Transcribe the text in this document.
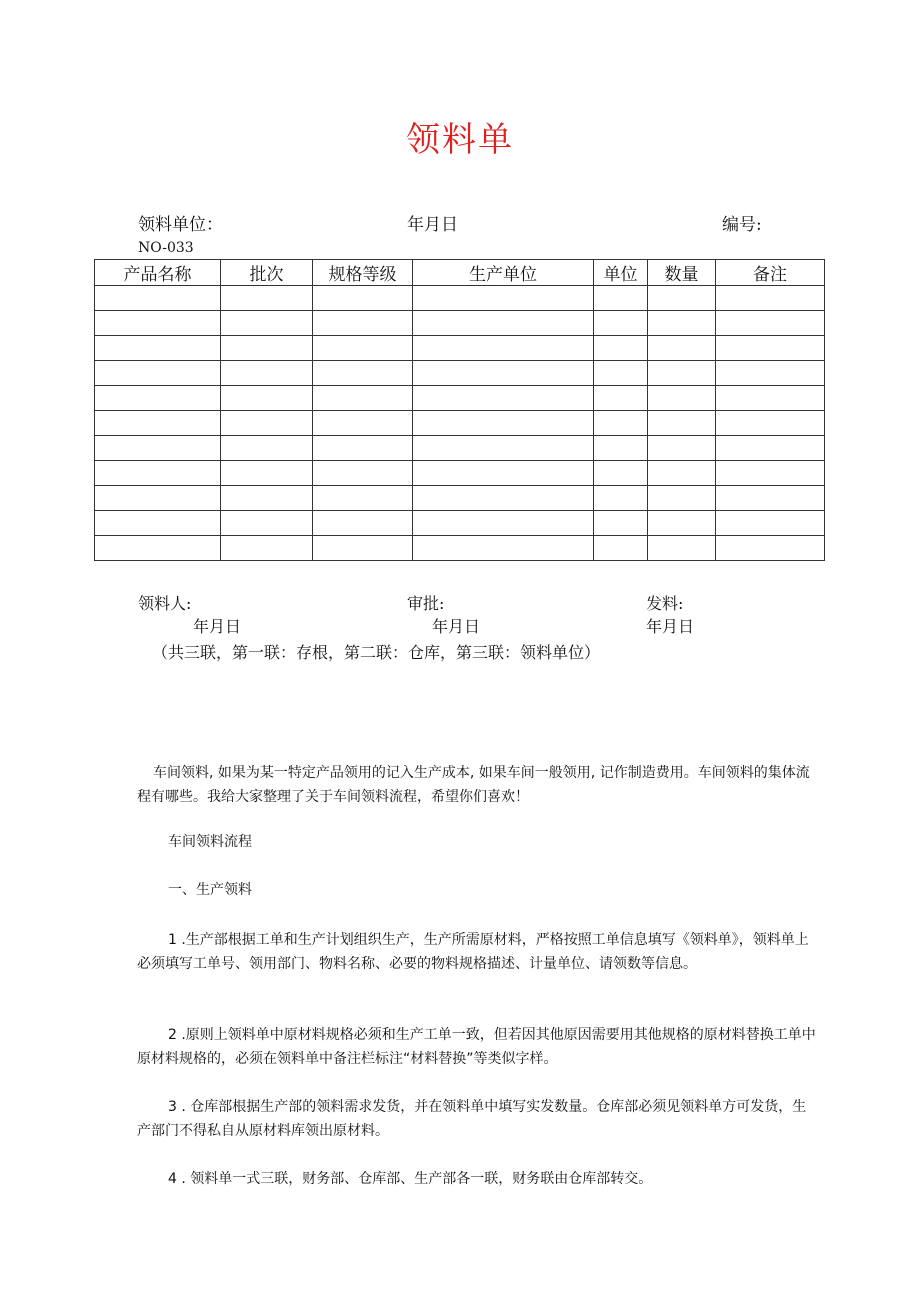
领料单
领料单位：	年月日	编号:
NO-033
产品名称	批次	规格等级	生产单位	单位	数量	备注

领料人:	审批:	发料:
年月日	年月日	年月日
（共三联，第一联：存根，第二联：仓库，第三联：领料单位）
车间领料, 如果为某一特定产品领用的记入生产成本, 如果车间一般领用, 记作制造费用。车间领料的集体流程有哪些。我给大家整理了关于车间领料流程，希望你们喜欢！
车间领料流程
一、生产领料
1 .生产部根据工单和生产计划组织生产，生产所需原材料，严格按照工单信息填写《领料单》，领料单上必须填写工单号、领用部门、物料名称、必要的物料规格描述、计量单位、请领数等信息。
2 .原则上领料单中原材料规格必须和生产工单一致，但若因其他原因需要用其他规格的原材料替换工单中原材料规格的，必须在领料单中备注栏标注“材料替换”等类似字样。
3 . 仓库部根据生产部的领料需求发货，并在领料单中填写实发数量。仓库部必须见领料单方可发货，生产部门不得私自从原材料库领出原材料。
4 . 领料单一式三联，财务部、仓库部、生产部各一联，财务联由仓库部转交。
